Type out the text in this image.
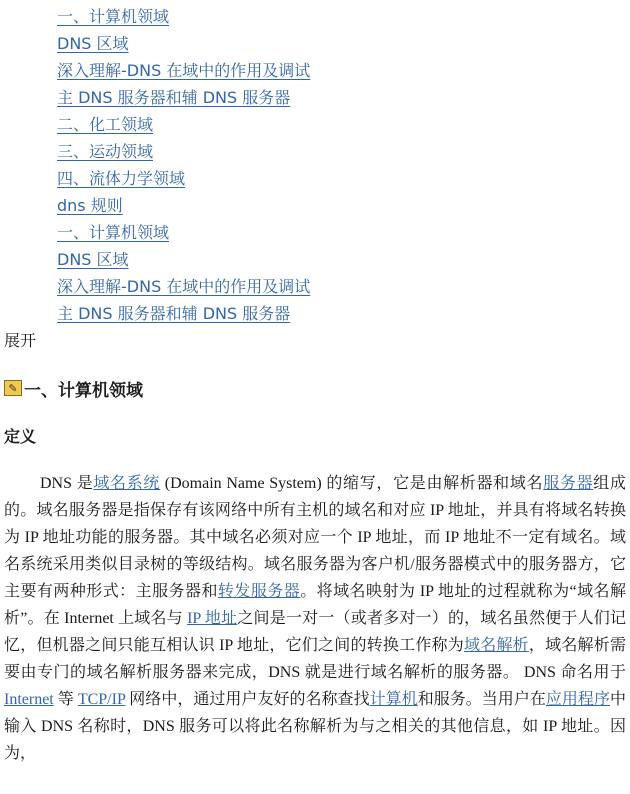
一、计算机领域
DNS 区域
深入理解-DNS 在域中的作用及调试
主 DNS 服务器和辅 DNS 服务器
二、化工领域
三、运动领域
四、流体力学领域
dns 规则
一、计算机领域
DNS 区域
深入理解-DNS 在域中的作用及调试
主 DNS 服务器和辅 DNS 服务器
展开
✎ 一、计算机领域
定义

DNS 是域名系统 (Domain Name System) 的缩写，它是由解析器和域名服务器组成的。域名服务器是指保存有该网络中所有主机的域名和对应 IP 地址，并具有将域名转换为 IP 地址功能的服务器。其中域名必须对应一个 IP 地址，而 IP 地址不一定有域名。域名系统采用类似目录树的等级结构。域名服务器为客户机/服务器模式中的服务器方，它主要有两种形式：主服务器和转发服务器。将域名映射为 IP 地址的过程就称为“域名解析”。在 Internet 上域名与 IP 地址之间是一对一（或者多对一）的，域名虽然便于人们记忆，但机器之间只能互相认识 IP 地址，它们之间的转换工作称为域名解析，域名解析需要由专门的域名解析服务器来完成，DNS 就是进行域名解析的服务器。 DNS 命名用于 Internet 等 TCP/IP 网络中，通过用户友好的名称查找计算机和服务。当用户在应用程序中输入 DNS 名称时，DNS 服务可以将此名称解析为与之相关的其他信息，如 IP 地址。因为，
